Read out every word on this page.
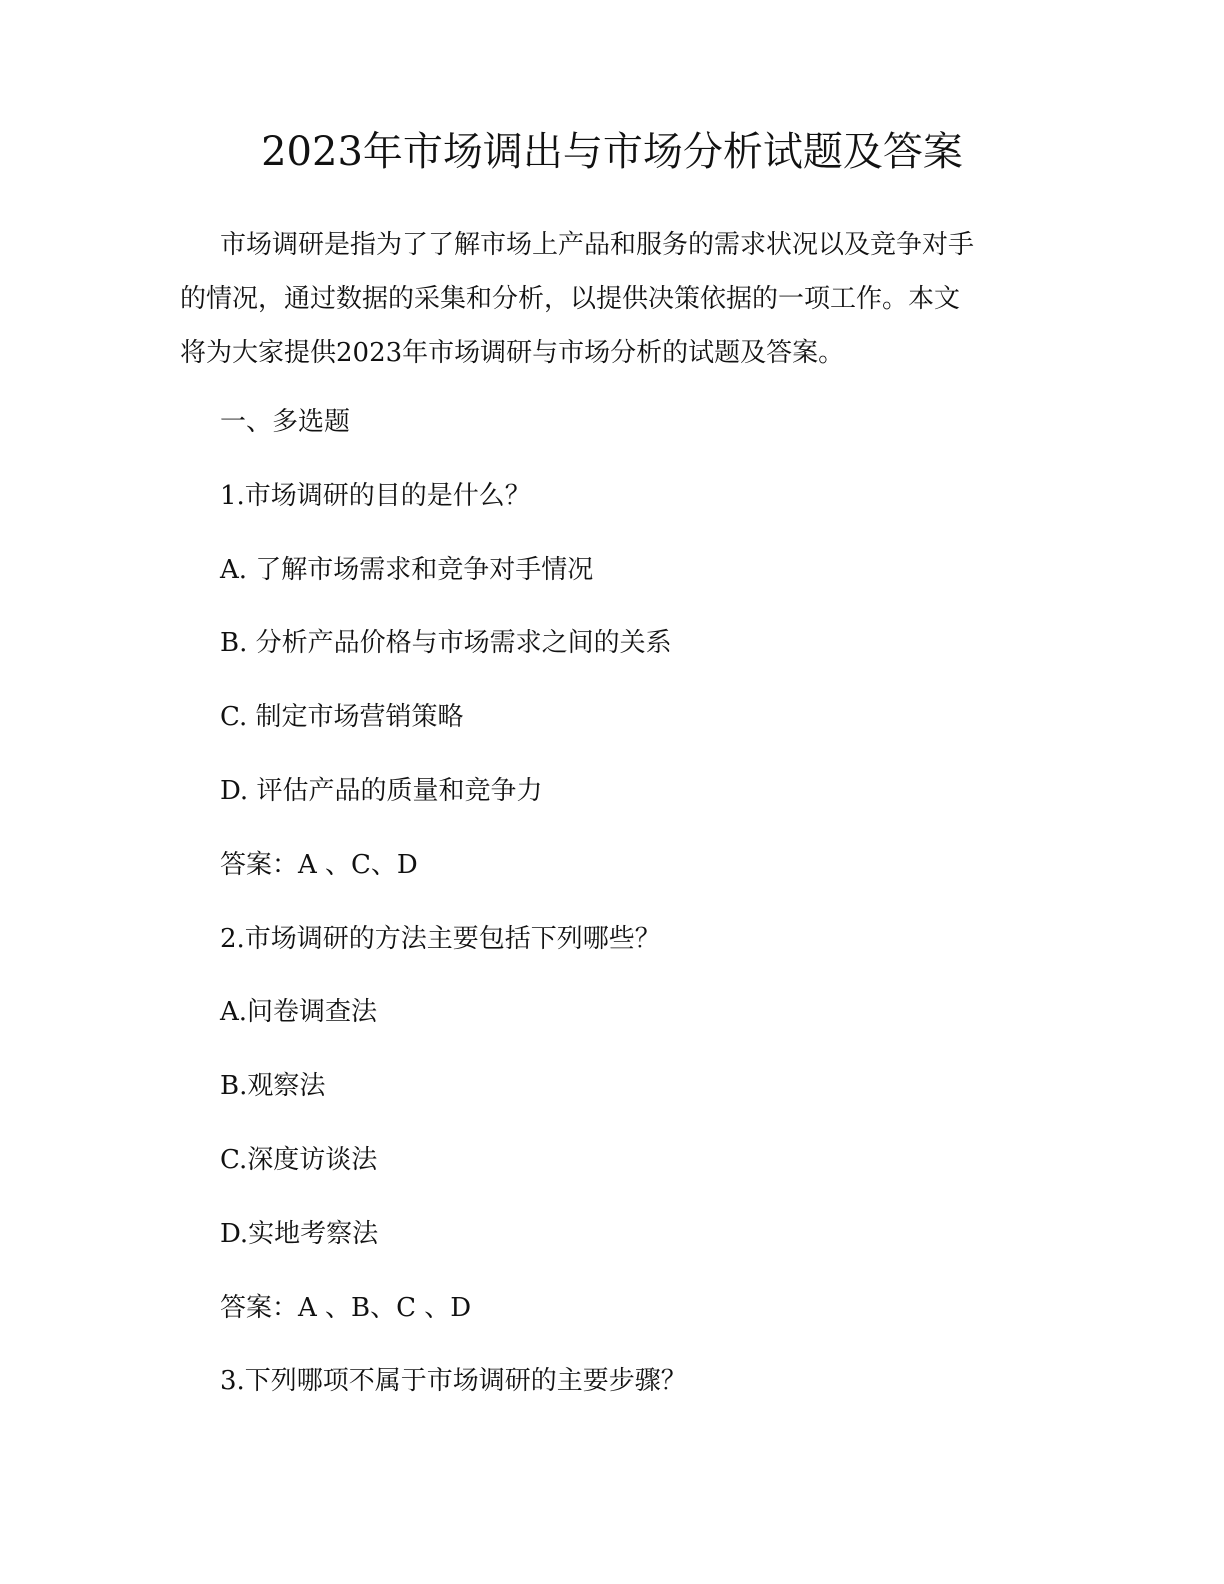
2023年市场调出与市场分析试题及答案
市场调研是指为了了解市场上产品和服务的需求状况以及竞争对手
的情况，通过数据的采集和分析，以提供决策依据的一项工作。本文
将为大家提供2023年市场调研与市场分析的试题及答案。
一、多选题
1.市场调研的目的是什么？
A. 了解市场需求和竞争对手情况
B. 分析产品价格与市场需求之间的关系
C. 制定市场营销策略
D. 评估产品的质量和竞争力
答案：A 、C、D
2.市场调研的方法主要包括下列哪些？
A.问卷调查法
B.观察法
C.深度访谈法
D.实地考察法
答案：A 、B、C 、D
3.下列哪项不属于市场调研的主要步骤？
